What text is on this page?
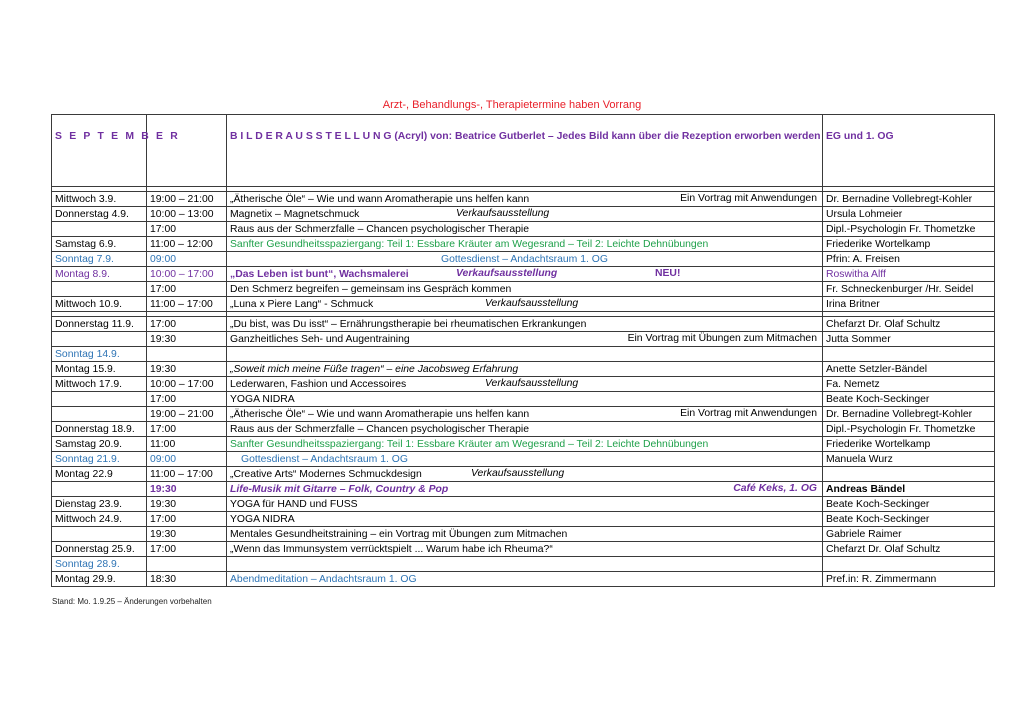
Arzt-, Behandlungs-, Therapietermine haben Vorrang
S E P T E M B E R		B I L D E R A U S S T E L L U N G (Acryl) von: Beatrice Gutberlet – Jedes Bild kann über die Rezeption erworben werden	EG und 1. OG

Mittwoch 3.9.	19:00 – 21:00	„Ätherische Öle“ – Wie und wann Aromatherapie uns helfen kann Ein Vortrag mit Anwendungen	Dr. Bernadine Vollebregt-Kohler
Donnerstag 4.9.	10:00 – 13:00	Magnetix – Magnetschmuck Verkaufsausstellung	Ursula Lohmeier
	17:00	Raus aus der Schmerzfalle – Chancen psychologischer Therapie	Dipl.-Psychologin Fr. Thometzke
Samstag 6.9.	11:00 – 12:00	Sanfter Gesundheitsspaziergang: Teil 1: Essbare Kräuter am Wegesrand – Teil 2: Leichte Dehnübungen	Friederike Wortelkamp
Sonntag 7.9.	09:00	Gottesdienst – Andachtsraum 1. OG	Pfrin: A. Freisen
Montag 8.9.	10:00 – 17:00	„Das Leben ist bunt“, Wachsmalerei Verkaufsausstellung NEU!	Roswitha Alff
	17:00	Den Schmerz begreifen – gemeinsam ins Gespräch kommen	Fr. Schneckenburger /Hr. Seidel
Mittwoch 10.9.	11:00 – 17:00	„Luna x Piere Lang“ - Schmuck Verkaufsausstellung	Irina Britner

Donnerstag 11.9.	17:00	„Du bist, was Du isst“ – Ernährungstherapie bei rheumatischen Erkrankungen	Chefarzt Dr. Olaf Schultz
	19:30	Ganzheitliches Seh- und Augentraining Ein Vortrag mit Übungen zum Mitmachen	Jutta Sommer
Sonntag 14.9.			
Montag 15.9.	19:30	„Soweit mich meine Füße tragen“ – eine Jacobsweg Erfahrung	Anette Setzler-Bändel
Mittwoch 17.9.	10:00 – 17:00	Lederwaren, Fashion und Accessoires Verkaufsausstellung	Fa. Nemetz
	17:00	YOGA NIDRA	Beate Koch-Seckinger
	19:00 – 21:00	„Ätherische Öle“ – Wie und wann Aromatherapie uns helfen kann Ein Vortrag mit Anwendungen	Dr. Bernadine Vollebregt-Kohler
Donnerstag 18.9.	17:00	Raus aus der Schmerzfalle – Chancen psychologischer Therapie	Dipl.-Psychologin Fr. Thometzke
Samstag 20.9.	11:00	Sanfter Gesundheitsspaziergang: Teil 1: Essbare Kräuter am Wegesrand – Teil 2: Leichte Dehnübungen	Friederike Wortelkamp
Sonntag 21.9.	09:00	Gottesdienst – Andachtsraum 1. OG	Manuela Wurz
Montag 22.9	11:00 – 17:00	„Creative Arts“ Modernes Schmuckdesign Verkaufsausstellung	

	19:30	Life-Musik mit Gitarre – Folk, Country & Pop Café Keks, 1. OG	Andreas Bändel
Dienstag 23.9.	19:30	YOGA für HAND und FUSS	Beate Koch-Seckinger
Mittwoch 24.9.	17:00	YOGA NIDRA	Beate Koch-Seckinger
	19:30	Mentales Gesundheitstraining – ein Vortrag mit Übungen zum Mitmachen	Gabriele Raimer
Donnerstag 25.9.	17:00	„Wenn das Immunsystem verrücktspielt ... Warum habe ich Rheuma?“	Chefarzt Dr. Olaf Schultz
Sonntag 28.9.			
Montag 29.9.	18:30	Abendmeditation – Andachtsraum 1. OG	Pref.in: R. Zimmermann
Stand: Mo. 1.9.25 – Änderungen vorbehalten
